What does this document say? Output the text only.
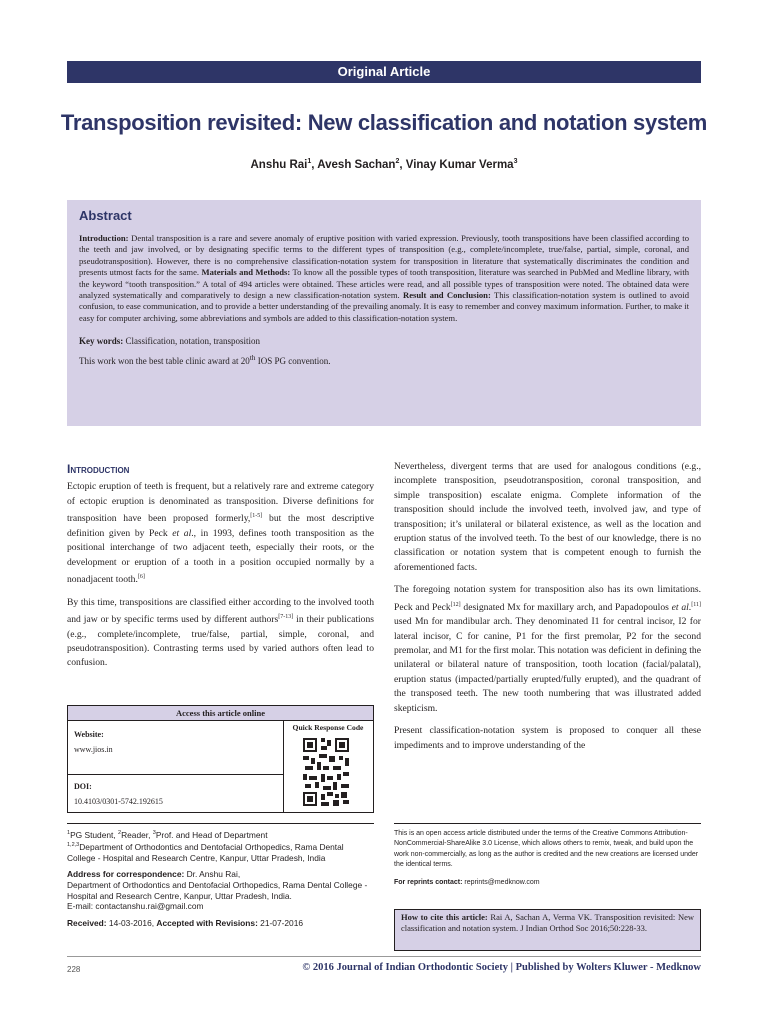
Original Article
Transposition revisited: New classification and notation system
Anshu Rai$^1$, Avesh Sachan$^2$, Vinay Kumar Verma$^3$
Abstract

Introduction: Dental transposition is a rare and severe anomaly of eruptive position with varied expression. Previously, tooth transpositions have been classified according to the teeth and jaw involved, or by designating specific terms to the different types of transposition (e.g., complete/incomplete, true/false, partial, simple, coronal, and pseudotransposition). However, there is no comprehensive classification-notation system for transposition in literature that systematically discriminates the condition and presents utmost facts for the same. Materials and Methods: To know all the possible types of tooth transposition, literature was searched in PubMed and Medline library, with the keyword “tooth transposition.” A total of 494 articles were obtained. These articles were read, and all possible types of transposition were noted. The obtained data were analyzed systematically and comparatively to design a new classification-notation system. Result and Conclusion: This classification-notation system is outlined to avoid confusion, to ease communication, and to provide a better understanding of the prevailing anomaly. It is easy to remember and convey maximum information. Further, to make it easy for computer archiving, some abbreviations and symbols are added to this classification-notation system.

Key words: Classification, notation, transposition

This work won the best table clinic award at 20th IOS PG convention.

Introduction

Ectopic eruption of teeth is frequent, but a relatively rare and extreme category of ectopic eruption is denominated as transposition. Diverse definitions for transposition have been proposed formerly,[1-5] but the most descriptive definition given by Peck et al., in 1993, defines tooth transposition as the positional interchange of two adjacent teeth, especially their roots, or the development or eruption of a tooth in a position occupied normally by a nonadjacent tooth.[6]

By this time, transpositions are classified either according to the involved tooth and jaw or by specific terms used by different authors[7-13] in their publications (e.g., complete/incomplete, true/false, partial, simple, coronal, and pseudotransposition). Contrasting terms used by varied authors often lead to confusion.

Nevertheless, divergent terms that are used for analogous conditions (e.g., incomplete transposition, pseudotransposition, coronal transposition, and simple transposition) escalate enigma. Complete information of the transposition should include the involved teeth, involved jaw, and type of transposition; it’s unilateral or bilateral existence, as well as the location and eruption status of the involved teeth. To the best of our knowledge, there is no classification or notation system that is competent enough to furnish the aforementioned facts.

The foregoing notation system for transposition also has its own limitations. Peck and Peck[12] designated Mx for maxillary arch, and Papadopoulos et al.[11] used Mn for mandibular arch. They denominated I1 for central incisor, I2 for lateral incisor, C for canine, P1 for the first premolar, P2 for the second premolar, and M1 for the first molar. This notation was deficient in defining the unilateral or bilateral nature of transposition, tooth location (facial/palatal), eruption status (impacted/partially erupted/fully erupted), and the quadrant of the transposed teeth. The new tooth numbering that was illustrated added skepticism.

Present classification-notation system is proposed to conquer all these impediments and to improve understanding of the

Access this article online
Website:
www.jios.in
DOI:
10.4103/0301-5742.192615
Quick Response Code

$^1$PG Student, $^2$Reader, $^3$Prof. and Head of Department
$^{1,2,3}$Department of Orthodontics and Dentofacial Orthopedics, Rama Dental College - Hospital and Research Centre, Kanpur, Uttar Pradesh, India

Address for correspondence: Dr. Anshu Rai,
Department of Orthodontics and Dentofacial Orthopedics, Rama Dental College - Hospital and Research Centre, Kanpur, Uttar Pradesh, India.
E-mail: contactanshu.rai@gmail.com

Received: 14-03-2016, Accepted with Revisions: 21-07-2016

This is an open access article distributed under the terms of the Creative Commons Attribution-NonCommercial-ShareAlike 3.0 License, which allows others to remix, tweak, and build upon the work non-commercially, as long as the author is credited and the new creations are licensed under the identical terms.

For reprints contact: reprints@medknow.com

How to cite this article: Rai A, Sachan A, Verma VK. Transposition revisited: New classification and notation system. J Indian Orthod Soc 2016;50:228-33.
228	© 2016 Journal of Indian Orthodontic Society | Published by Wolters Kluwer - Medknow
